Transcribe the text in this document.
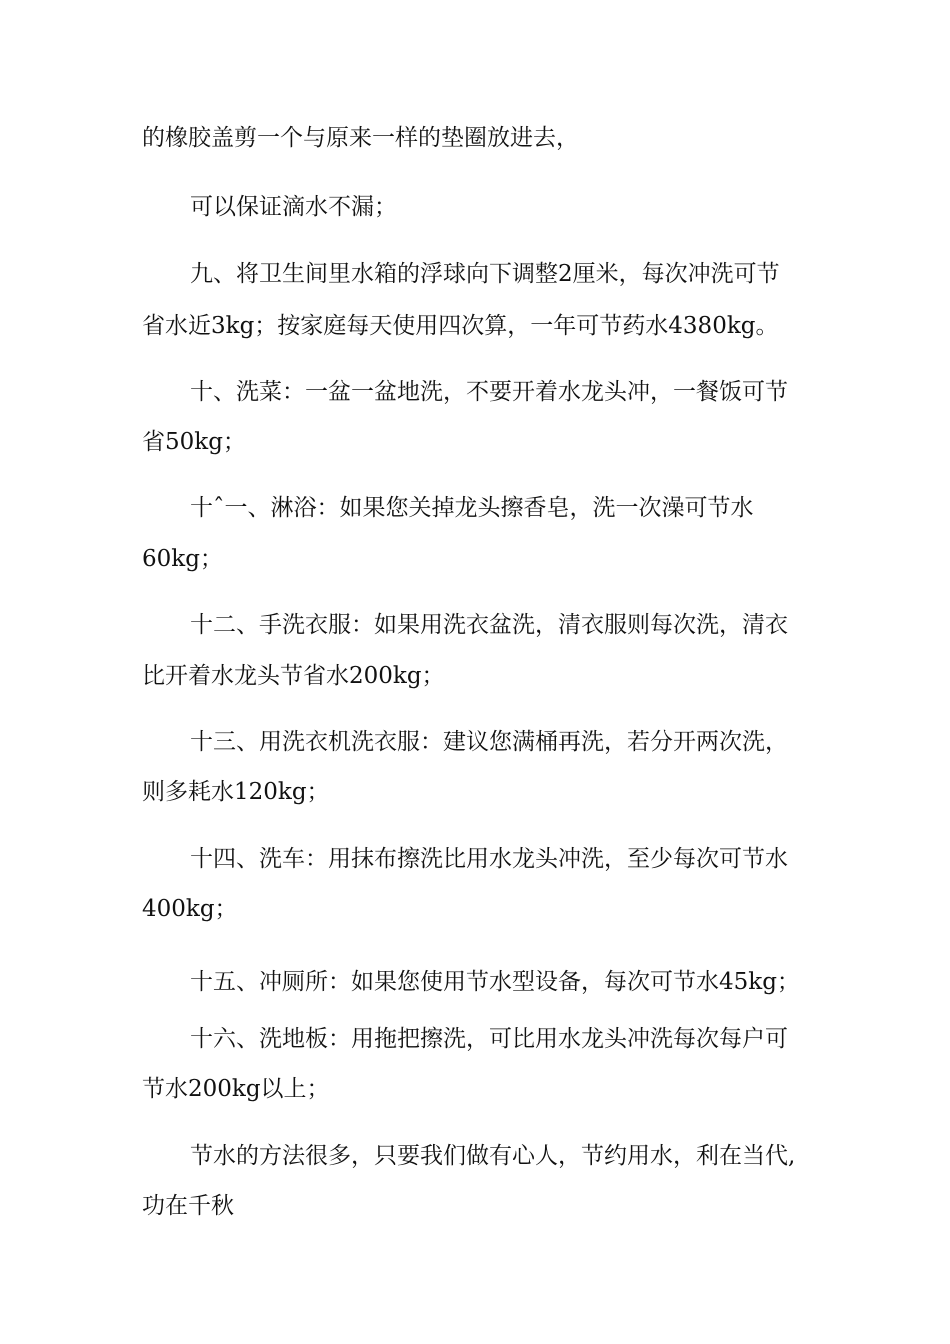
的橡胶盖剪一个与原来一样的垫圈放进去，

可以保证滴水不漏；

九、将卫生间里水箱的浮球向下调整2厘米，每次冲洗可节

省水近3kg；按家庭每天使用四次算，一年可节药水4380kg。

十、洗菜：一盆一盆地洗，不要开着水龙头冲，一餐饭可节

省50kg；

十ˆ一、淋浴：如果您关掉龙头擦香皂，洗一次澡可节水

60kg；

十二、手洗衣服：如果用洗衣盆洗，清衣服则每次洗，清衣

比开着水龙头节省水200kg；

十三、用洗衣机洗衣服：建议您满桶再洗，若分开两次洗，

则多耗水120kg；

十四、洗车：用抹布擦洗比用水龙头冲洗，至少每次可节水

400kg；

十五、冲厕所：如果您使用节水型设备，每次可节水45kg；

十六、洗地板：用拖把擦洗，可比用水龙头冲洗每次每户可

节水200kg以上；

节水的方法很多，只要我们做有心人，节约用水，利在当代,

功在千秋
